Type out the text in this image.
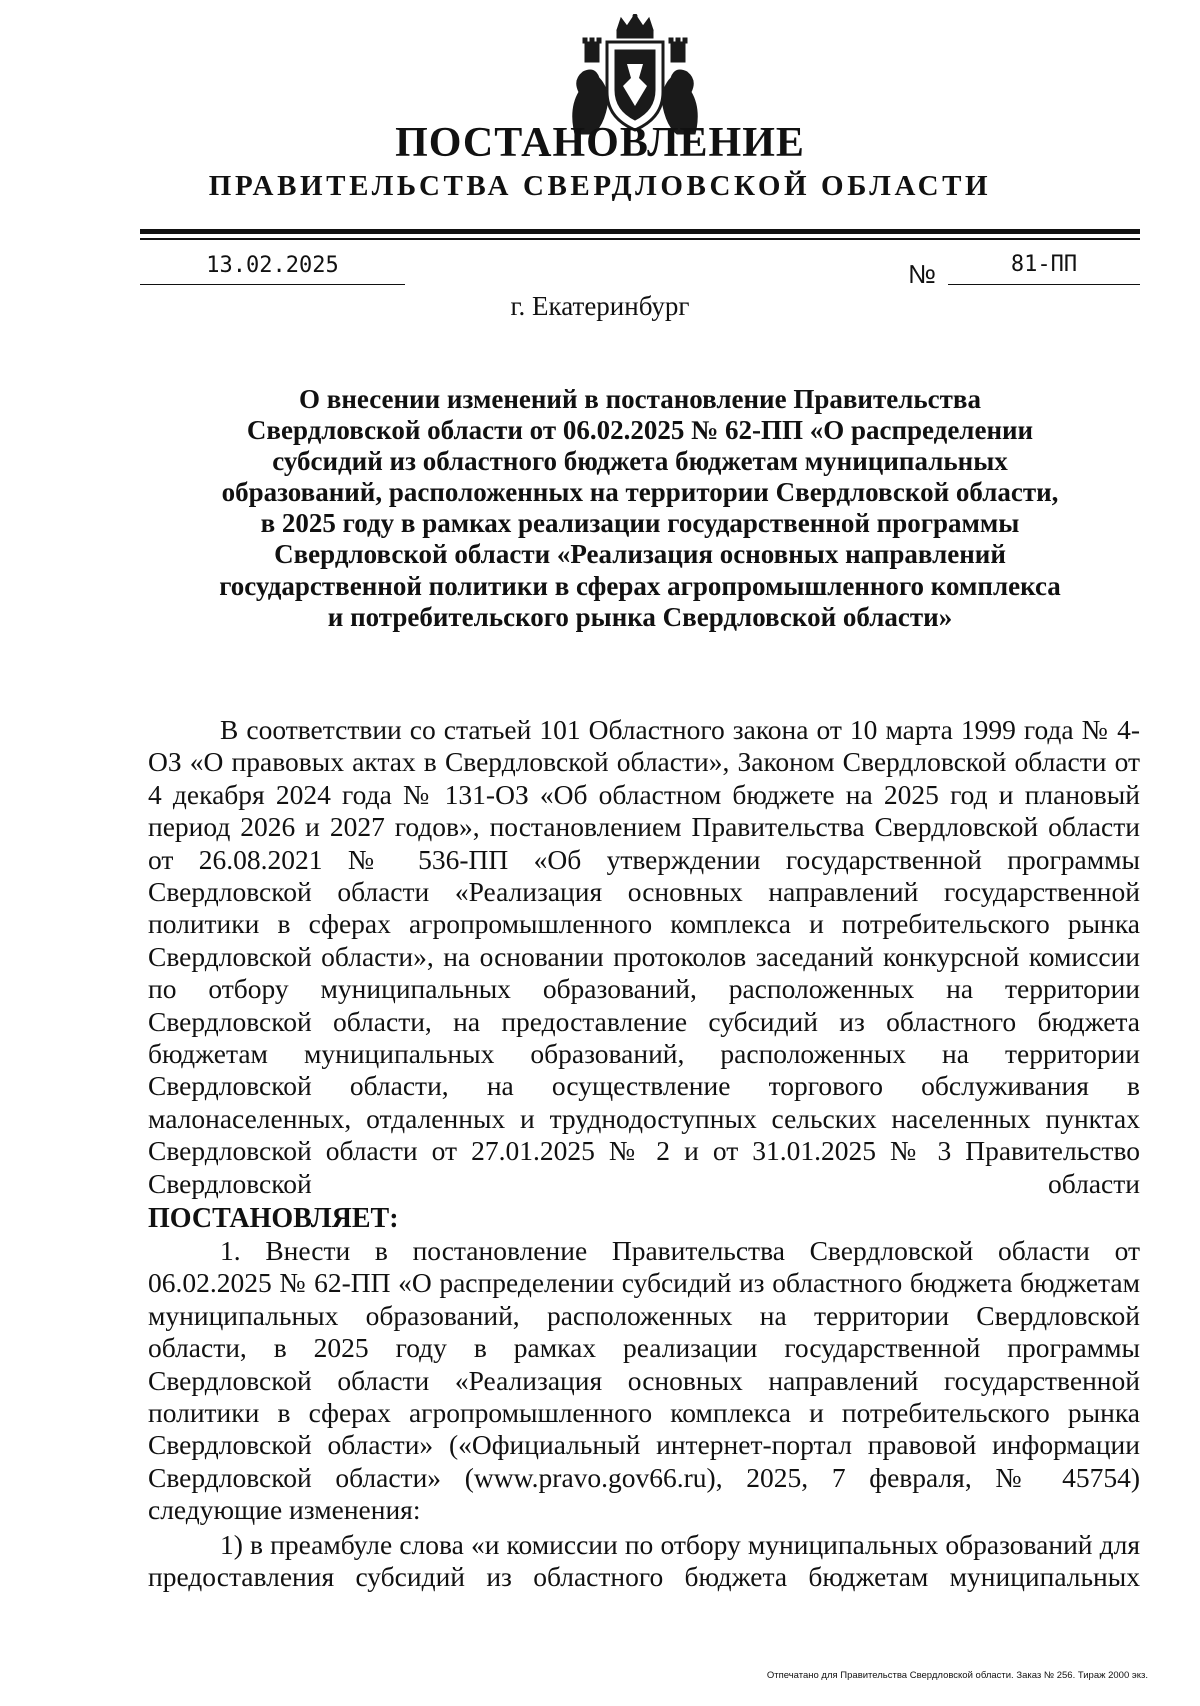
ПОСТАНОВЛЕНИЕ
ПРАВИТЕЛЬСТВА СВЕРДЛОВСКОЙ ОБЛАСТИ
13.02.2025	№	81-ПП
г. Екатеринбург
О внесении изменений в постановление Правительства
Свердловской области от 06.02.2025 № 62-ПП «О распределении
субсидий из областного бюджета бюджетам муниципальных
образований, расположенных на территории Свердловской области,
в 2025 году в рамках реализации государственной программы
Свердловской области «Реализация основных направлений
государственной политики в сферах агропромышленного комплекса
и потребительского рынка Свердловской области»

В соответствии со статьей 101 Областного закона от 10 марта 1999 года № 4-ОЗ «О правовых актах в Свердловской области», Законом Свердловской области от 4 декабря 2024 года № 131-ОЗ «Об областном бюджете на 2025 год и плановый период 2026 и 2027 годов», постановлением Правительства Свердловской области от 26.08.2021 № 536-ПП «Об утверждении государственной программы Свердловской области «Реализация основных направлений государственной политики в сферах агропромышленного комплекса и потребительского рынка Свердловской области», на основании протоколов заседаний конкурсной комиссии по отбору муниципальных образований, расположенных на территории Свердловской области, на предоставление субсидий из областного бюджета бюджетам муниципальных образований, расположенных на территории Свердловской области, на осуществление торгового обслуживания в малонаселенных, отдаленных и труднодоступных сельских населенных пунктах Свердловской области от 27.01.2025 № 2 и от 31.01.2025 № 3 Правительство Свердловской области

ПОСТАНОВЛЯЕТ:

1. Внести в постановление Правительства Свердловской области от 06.02.2025 № 62-ПП «О распределении субсидий из областного бюджета бюджетам муниципальных образований, расположенных на территории Свердловской области, в 2025 году в рамках реализации государственной программы Свердловской области «Реализация основных направлений государственной политики в сферах агропромышленного комплекса и потребительского рынка Свердловской области» («Официальный интернет-портал правовой информации Свердловской области» (www.pravo.gov66.ru), 2025, 7 февраля, № 45754) следующие изменения:

1) в преамбуле слова «и комиссии по отбору муниципальных образований для предоставления субсидий из областного бюджета бюджетам муниципальных

Отпечатано для Правительства Свердловской области. Заказ № 256. Тираж 2000 экз.
